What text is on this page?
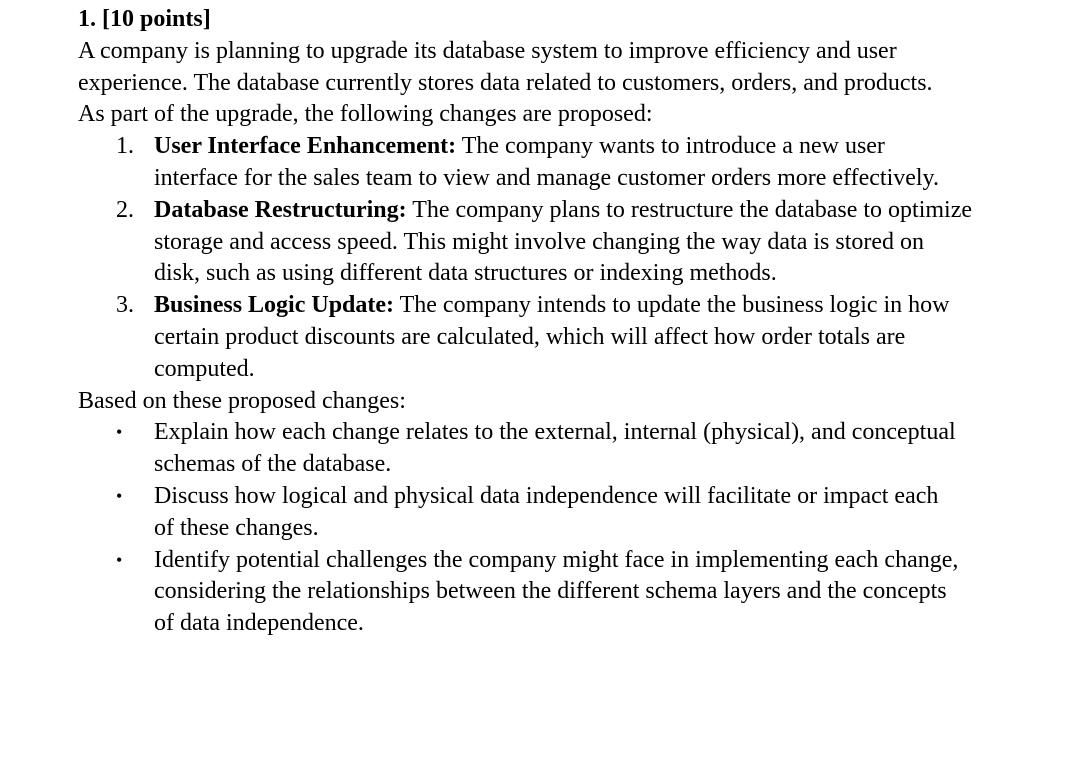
1. [10 points]

A company is planning to upgrade its database system to improve efficiency and user experience. The database currently stores data related to customers, orders, and products. As part of the upgrade, the following changes are proposed:

1. User Interface Enhancement: The company wants to introduce a new user interface for the sales team to view and manage customer orders more effectively.
2. Database Restructuring: The company plans to restructure the database to optimize storage and access speed. This might involve changing the way data is stored on disk, such as using different data structures or indexing methods.
3. Business Logic Update: The company intends to update the business logic in how certain product discounts are calculated, which will affect how order totals are computed.

Based on these proposed changes:

• Explain how each change relates to the external, internal (physical), and conceptual schemas of the database.
• Discuss how logical and physical data independence will facilitate or impact each of these changes.
• Identify potential challenges the company might face in implementing each change, considering the relationships between the different schema layers and the concepts of data independence.
